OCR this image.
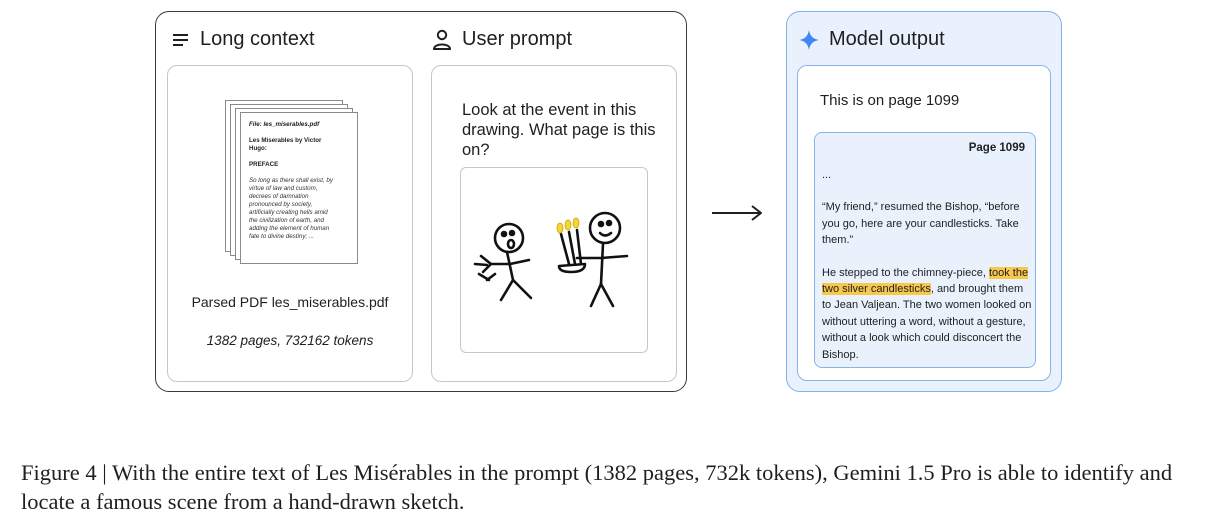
Long context	User prompt
File: les_miserables.pdf
Les Miserables by Victor
Hugo:
PREFACE
So long as there shall exist, by
virtue of law and custom,
decrees of damnation
pronounced by society,
artificially creating hells amid
the civilization of earth, and
adding the element of human
fate to divine destiny; ...
Parsed PDF les_miserables.pdf
1382 pages, 732162 tokens
Look at the event in this drawing. What page is this on?
Model output
This is on page 1099
Page 1099

...

“My friend,” resumed the Bishop, “before you go, here are your candlesticks. Take them.”

He stepped to the chimney-piece, took the two silver candlesticks, and brought them to Jean Valjean. The two women looked on without uttering a word, without a gesture, without a look which could disconcert the Bishop.

Figure 4 | With the entire text of Les Misérables in the prompt (1382 pages, 732k tokens), Gemini 1.5 Pro is able to identify and locate a famous scene from a hand-drawn sketch.
